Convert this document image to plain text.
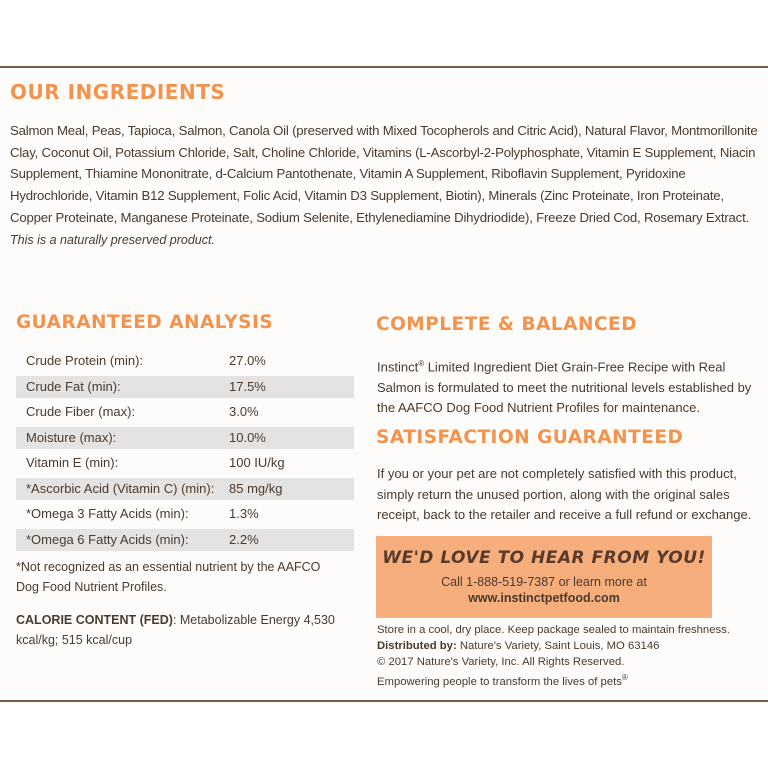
OUR INGREDIENTS

Salmon Meal, Peas, Tapioca, Salmon, Canola Oil (preserved with Mixed Tocopherols and Citric Acid), Natural Flavor, Montmorillonite Clay, Coconut Oil, Potassium Chloride, Salt, Choline Chloride, Vitamins (L-Ascorbyl-2-Polyphosphate, Vitamin E Supplement, Niacin Supplement, Thiamine Mononitrate, d-Calcium Pantothenate, Vitamin A Supplement, Riboflavin Supplement, Pyridoxine Hydrochloride, Vitamin B12 Supplement, Folic Acid, Vitamin D3 Supplement, Biotin), Minerals (Zinc Proteinate, Iron Proteinate, Copper Proteinate, Manganese Proteinate, Sodium Selenite, Ethylenediamine Dihydriodide), Freeze Dried Cod, Rosemary Extract.

This is a naturally preserved product.

GUARANTEED ANALYSIS
Crude Protein (min):	27.0%
Crude Fat (min):	17.5%
Crude Fiber (max):	3.0%
Moisture (max):	10.0%
Vitamin E (min):	100 IU/kg
*Ascorbic Acid (Vitamin C) (min): 85 mg/kg
*Omega 3 Fatty Acids (min):	1.3%
*Omega 6 Fatty Acids (min):	2.2%

*Not recognized as an essential nutrient by the AAFCO Dog Food Nutrient Profiles.

CALORIE CONTENT (FED): Metabolizable Energy 4,530 kcal/kg; 515 kcal/cup
COMPLETE & BALANCED

Instinct® Limited Ingredient Diet Grain-Free Recipe with Real Salmon is formulated to meet the nutritional levels established by the AAFCO Dog Food Nutrient Profiles for maintenance.

SATISFACTION GUARANTEED

If you or your pet are not completely satisfied with this product, simply return the unused portion, along with the original sales receipt, back to the retailer and receive a full refund or exchange.

WE'D LOVE TO HEAR FROM YOU!
Call 1-888-519-7387 or learn more at
www.instinctpetfood.com
Store in a cool, dry place. Keep package sealed to maintain freshness.
Distributed by: Nature's Variety, Saint Louis, MO 63146
© 2017 Nature's Variety, Inc. All Rights Reserved.
Empowering people to transform the lives of pets®
